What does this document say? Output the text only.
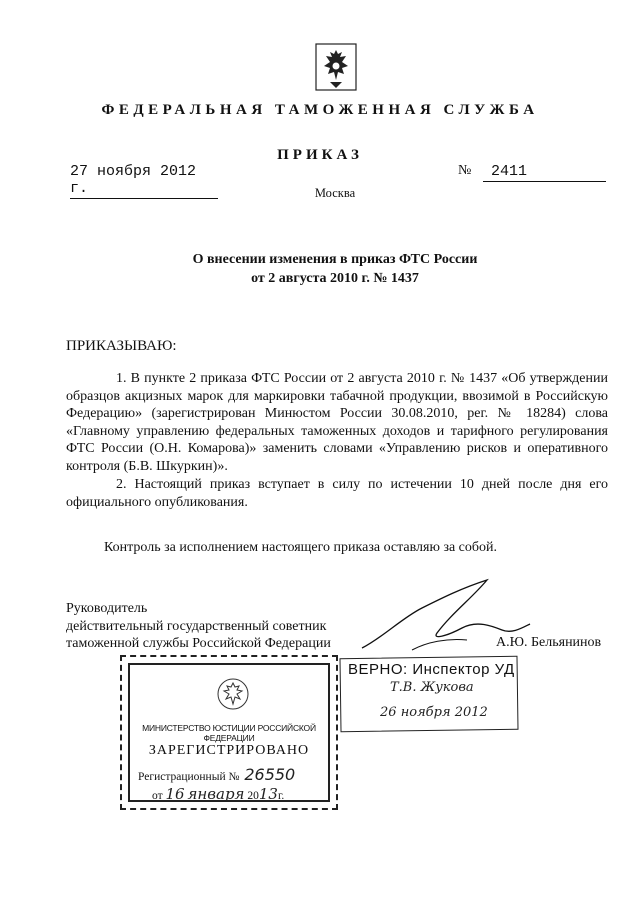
ФЕДЕРАЛЬНАЯ ТАМОЖЕННАЯ СЛУЖБА
ПРИКАЗ
27 ноября 2012 г.
№	2411
Москва
О внесении изменения в приказ ФТС России
от 2 августа 2010 г. № 1437
ПРИКАЗЫВАЮ:
1. В пункте 2 приказа ФТС России от 2 августа 2010 г. № 1437 «Об утверждении образцов акцизных марок для маркировки табачной продукции, ввозимой в Российскую Федерацию» (зарегистрирован Минюстом России 30.08.2010, рег. № 18284) слова «Главному управлению федеральных таможенных доходов и тарифного регулирования ФТС России (О.Н. Комарова)» заменить словами «Управлению рисков и оперативного контроля (Б.В. Шкуркин)».
2. Настоящий приказ вступает в силу по истечении 10 дней после дня его официального опубликования.
Контроль за исполнением настоящего приказа оставляю за собой.
Руководитель
действительный государственный советник
таможенной службы Российской Федерации	А.Ю. Бельянинов
МИНИСТЕРСТВО ЮСТИЦИИ РОССИЙСКОЙ ФЕДЕРАЦИИ
ЗАРЕГИСТРИРОВАНО
Регистрационный № 26550
от 16 января 2013г.
ВЕРНО: Инспектор УД
Т.В. Жукова
26 ноября 2012
